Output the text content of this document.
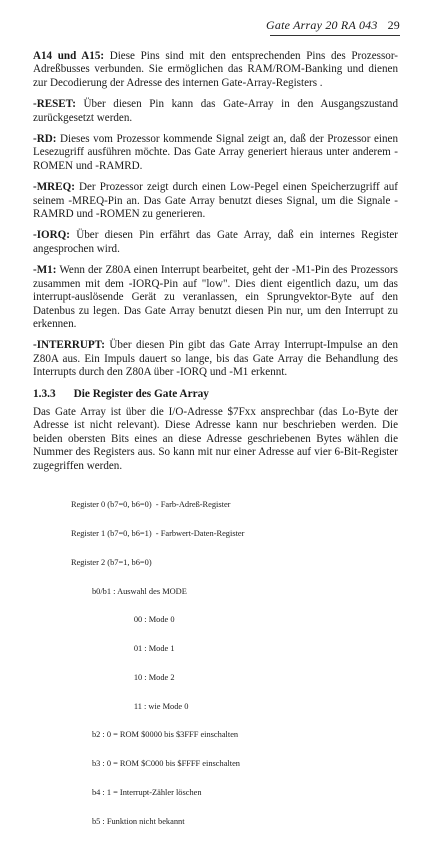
Gate Array 20 RA 043 29

A14 und A15: Diese Pins sind mit den entsprechenden Pins des Prozessor-Adreßbusses verbunden. Sie ermöglichen das RAM/ROM-Banking und dienen zur Decodierung der Adresse des internen Gate-Array-Registers .

-RESET: Über diesen Pin kann das Gate-Array in den Ausgangszustand zurückgesetzt werden.

-RD: Dieses vom Prozessor kommende Signal zeigt an, daß der Prozessor einen Lesezugriff ausführen möchte. Das Gate Array generiert hieraus unter anderem -ROMEN und -RAMRD.

-MREQ: Der Prozessor zeigt durch einen Low-Pegel einen Speicherzugriff auf seinem -MREQ-Pin an. Das Gate Array benutzt dieses Signal, um die Signale -RAMRD und -ROMEN zu generieren.

-IORQ: Über diesen Pin erfährt das Gate Array, daß ein internes Register angesprochen wird.

-M1: Wenn der Z80A einen Interrupt bearbeitet, geht der -M1-Pin des Prozessors zusammen mit dem -IORQ-Pin auf "low". Dies dient eigentlich dazu, um das interrupt-auslösende Gerät zu veranlassen, ein Sprungvektor-Byte auf den Datenbus zu legen. Das Gate Array benutzt diesen Pin nur, um den Interrupt zu erkennen.

-INTERRUPT: Über diesen Pin gibt das Gate Array Interrupt-Impulse an den Z80A aus. Ein Impuls dauert so lange, bis das Gate Array die Behandlung des Interrupts durch den Z80A über -IORQ und -M1 erkennt.

1.3.3 Die Register des Gate Array

Das Gate Array ist über die I/O-Adresse $7Fxx ansprechbar (das Lo-Byte der Adresse ist nicht relevant). Diese Adresse kann nur beschrieben werden. Die beiden obersten Bits eines an diese Adresse geschriebenen Bytes wählen die Nummer des Registers aus. So kann mit nur einer Adresse auf vier 6-Bit-Register zugegriffen werden.

Register 0 (b7=0, b6=0)  - Farb-Adreß-Register

Register 1 (b7=0, b6=1)  - Farbwert-Daten-Register

Register 2 (b7=1, b6=0)

b0/b1 : Auswahl des MODE

00 : Mode 0

01 : Mode 1

10 : Mode 2

11 : wie Mode 0

b2 : 0 = ROM $0000 bis $3FFF einschalten

b3 : 0 = ROM $C000 bis $FFFF einschalten

b4 : 1 = Interrupt-Zähler löschen

b5 : Funktion nicht bekannt
